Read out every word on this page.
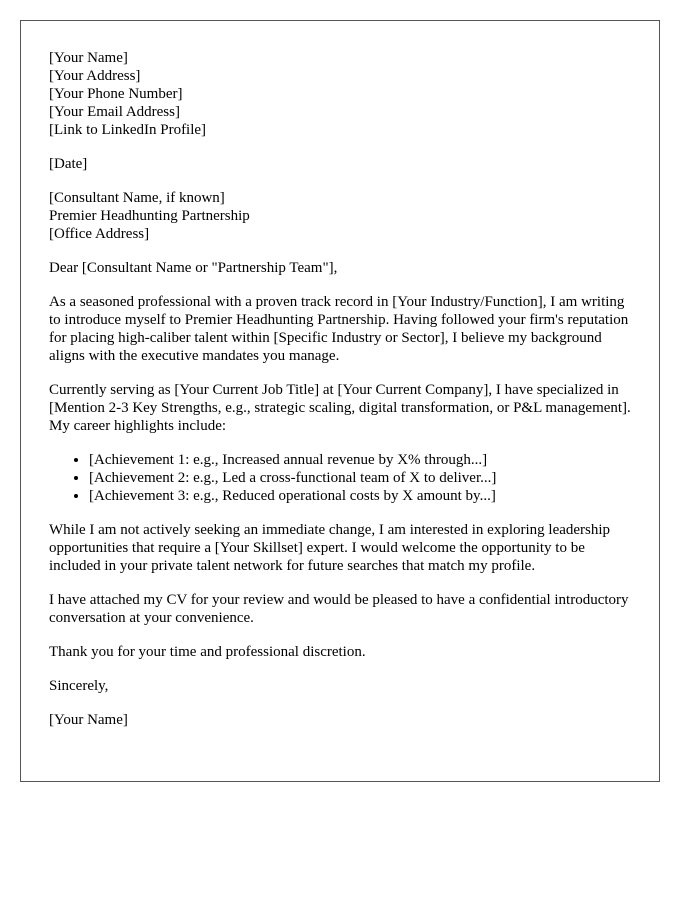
[Your Name]
[Your Address]
[Your Phone Number]
[Your Email Address]
[Link to LinkedIn Profile]
[Date]
[Consultant Name, if known]
Premier Headhunting Partnership
[Office Address]

Dear [Consultant Name or "Partnership Team"],

As a seasoned professional with a proven track record in [Your Industry/Function], I am writing to introduce myself to Premier Headhunting Partnership. Having followed your firm's reputation for placing high-caliber talent within [Specific Industry or Sector], I believe my background aligns with the executive mandates you manage.

Currently serving as [Your Current Job Title] at [Your Current Company], I have specialized in [Mention 2-3 Key Strengths, e.g., strategic scaling, digital transformation, or P&L management]. My career highlights include:

• [Achievement 1: e.g., Increased annual revenue by X% through...]
• [Achievement 2: e.g., Led a cross-functional team of X to deliver...]
• [Achievement 3: e.g., Reduced operational costs by X amount by...]

While I am not actively seeking an immediate change, I am interested in exploring leadership opportunities that require a [Your Skillset] expert. I would welcome the opportunity to be included in your private talent network for future searches that match my profile.

I have attached my CV for your review and would be pleased to have a confidential introductory conversation at your convenience.

Thank you for your time and professional discretion.

Sincerely,

[Your Name]
